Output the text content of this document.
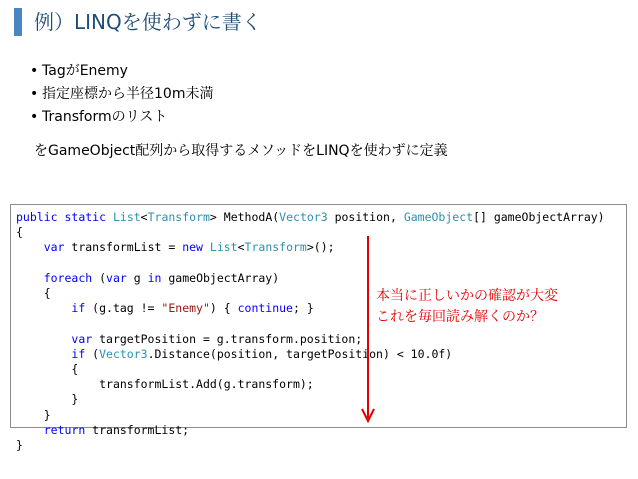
例）LINQを使わずに書く
• TagがEnemy
• 指定座標から半径10m未満
• Transformのリスト
をGameObject配列から取得するメソッドをLINQを使わずに定義
public static List<Transform> MethodA(Vector3 position, GameObject[] gameObjectArray)
{
var transformList = new List<Transform>();

foreach (var g in gameObjectArray)
{
if (g.tag != "Enemy") { continue; }

var targetPosition = g.transform.position;
if (Vector3.Distance(position, targetPosition) < 10.0f)
{
transformList.Add(g.transform);
}
}
return transformList;
}
本当に正しいかの確認が大変
これを毎回読み解くのか？
